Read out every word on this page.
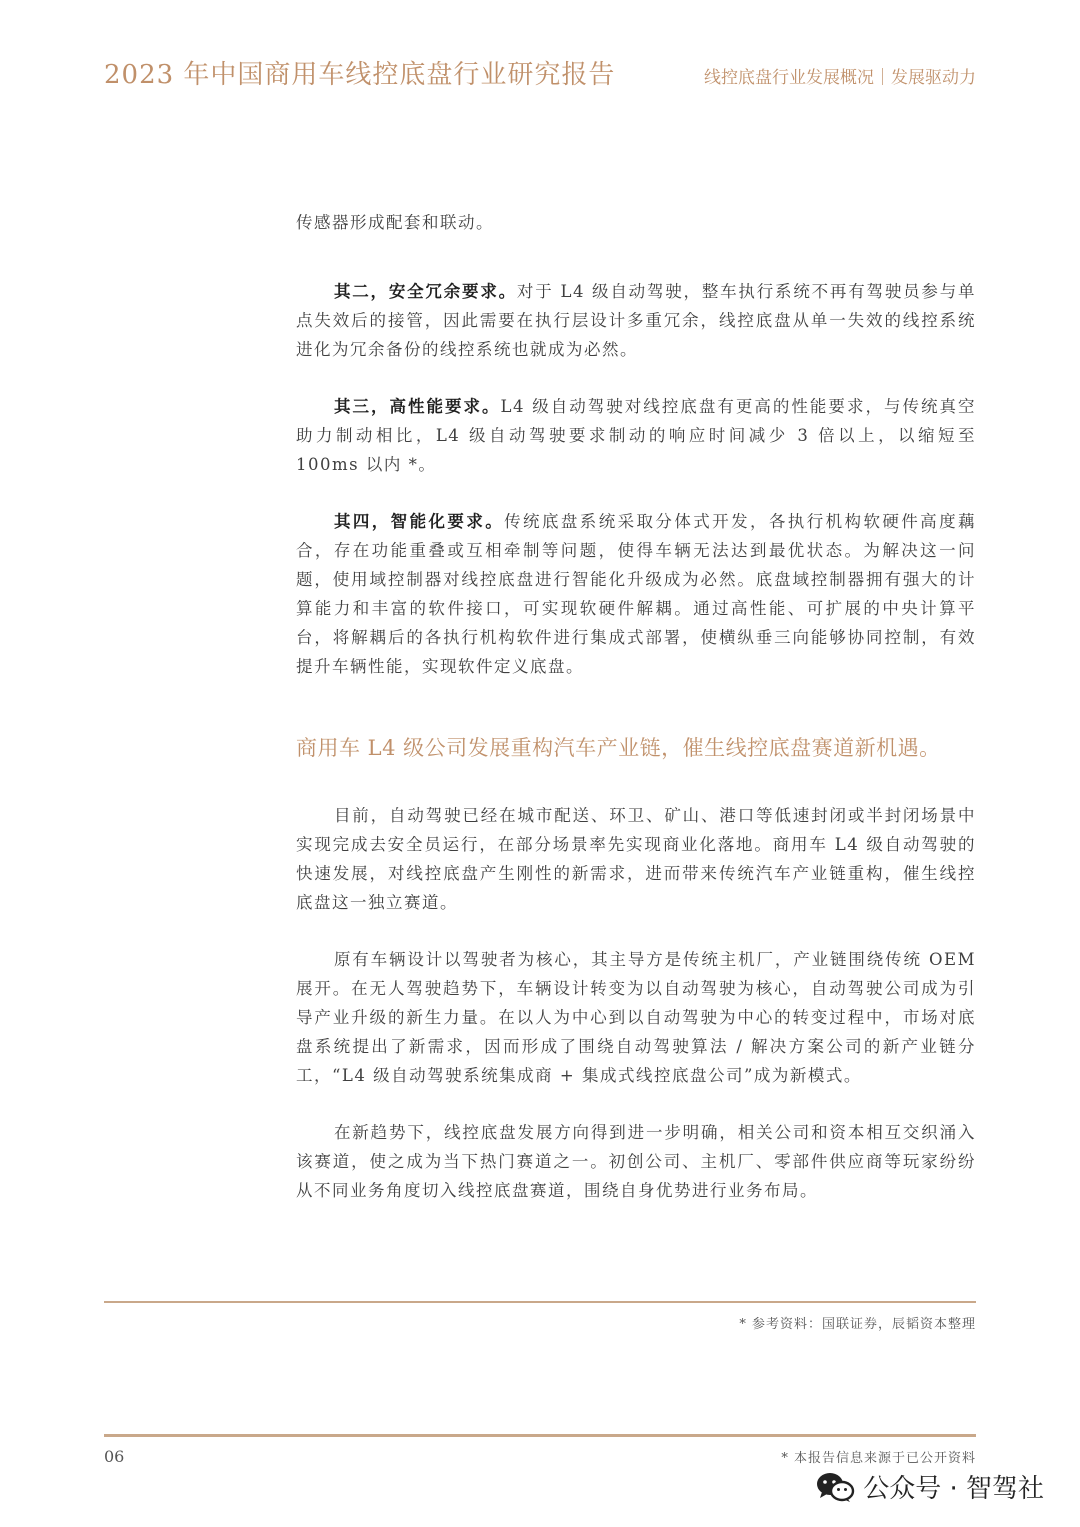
2023 年中国商用车线控底盘行业研究报告	线控底盘行业发展概况｜发展驱动力

传感器形成配套和联动。

其二，安全冗余要求。对于 L4 级自动驾驶，整车执行系统不再有驾驶员参与单点失效后的接管，因此需要在执行层设计多重冗余，线控底盘从单一失效的线控系统进化为冗余备份的线控系统也就成为必然。

其三，高性能要求。L4 级自动驾驶对线控底盘有更高的性能要求，与传统真空助力制动相比，L4 级自动驾驶要求制动的响应时间减少 3 倍以上，以缩短至 100ms 以内 *。

其四，智能化要求。传统底盘系统采取分体式开发，各执行机构软硬件高度藕合，存在功能重叠或互相牵制等问题，使得车辆无法达到最优状态。为解决这一问题，使用域控制器对线控底盘进行智能化升级成为必然。底盘域控制器拥有强大的计算能力和丰富的软件接口，可实现软硬件解耦。通过高性能、可扩展的中央计算平台，将解耦后的各执行机构软件进行集成式部署，使横纵垂三向能够协同控制，有效提升车辆性能，实现软件定义底盘。

商用车 L4 级公司发展重构汽车产业链，催生线控底盘赛道新机遇。

目前，自动驾驶已经在城市配送、环卫、矿山、港口等低速封闭或半封闭场景中实现完成去安全员运行，在部分场景率先实现商业化落地。商用车 L4 级自动驾驶的快速发展，对线控底盘产生刚性的新需求，进而带来传统汽车产业链重构，催生线控底盘这一独立赛道。

原有车辆设计以驾驶者为核心，其主导方是传统主机厂，产业链围绕传统 OEM 展开。在无人驾驶趋势下，车辆设计转变为以自动驾驶为核心，自动驾驶公司成为引导产业升级的新生力量。在以人为中心到以自动驾驶为中心的转变过程中，市场对底盘系统提出了新需求，因而形成了围绕自动驾驶算法 / 解决方案公司的新产业链分工，“L4 级自动驾驶系统集成商 + 集成式线控底盘公司”成为新模式。

在新趋势下，线控底盘发展方向得到进一步明确，相关公司和资本相互交织涌入该赛道，使之成为当下热门赛道之一。初创公司、主机厂、零部件供应商等玩家纷纷从不同业务角度切入线控底盘赛道，围绕自身优势进行业务布局。

* 参考资料：国联证券，辰韬资本整理
06	* 本报告信息来源于已公开资料
公众号 · 智驾社
